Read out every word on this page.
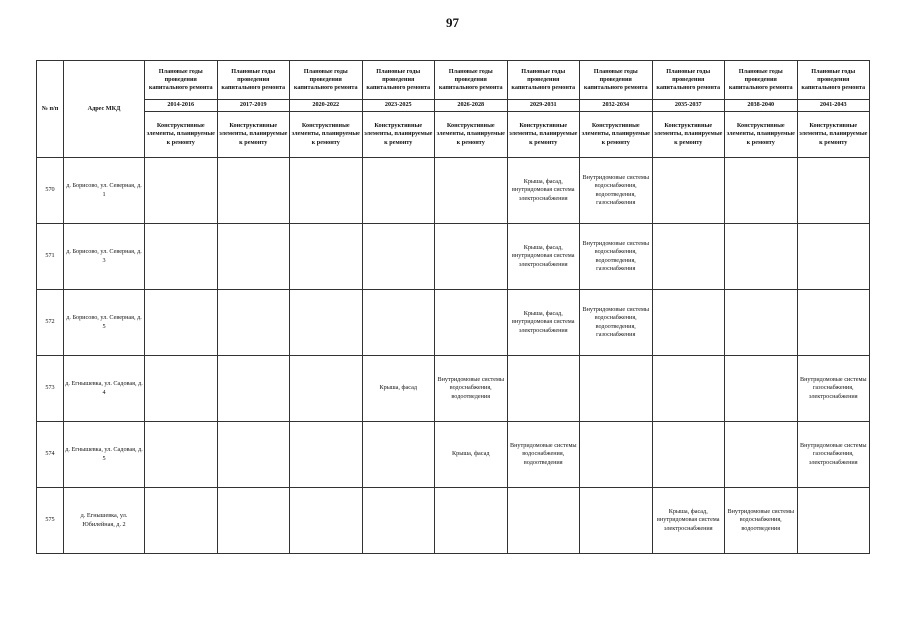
97
№ п/п	Адрес МКД	Плановые годы проведения капитального ремонта	Плановые годы проведения капитального ремонта	Плановые годы проведения капитального ремонта	Плановые годы проведения капитального ремонта	Плановые годы проведения капитального ремонта	Плановые годы проведения капитального ремонта	Плановые годы проведения капитального ремонта	Плановые годы проведения капитального ремонта	Плановые годы проведения капитального ремонта	Плановые годы проведения капитального ремонта
		2014-2016	2017-2019	2020-2022	2023-2025	2026-2028	2029-2031	2032-2034	2035-2037	2038-2040	2041-2043
		Конструктивные элементы, планируемые к ремонту	Конструктивные элементы, планируемые к ремонту	Конструктивные элементы, планируемые к ремонту	Конструктивные элементы, планируемые к ремонту	Конструктивные элементы, планируемые к ремонту	Конструктивные элементы, планируемые к ремонту	Конструктивные элементы, планируемые к ремонту	Конструктивные элементы, планируемые к ремонту	Конструктивные элементы, планируемые к ремонту	Конструктивные элементы, планируемые к ремонту
570	д. Борисово, ул. Северная, д. 1						Крыша, фасад, внутридомовая система электроснабжения	Внутридомовые системы водоснабжения, водоотведения, газоснабжения			
571	д. Борисово, ул. Северная, д. 3						Крыша, фасад, внутридомовая система электроснабжения	Внутридомовые системы водоснабжения, водоотведения, газоснабжения			
572	д. Борисово, ул. Северная, д. 5						Крыша, фасад, внутридомовая система электроснабжения	Внутридомовые системы водоснабжения, водоотведения, газоснабжения			
573	д. Егнышевка, ул. Садовая, д. 4				Крыша, фасад	Внутридомовые системы водоснабжения, водоотведения					Внутридомовые системы газоснабжения, электроснабжения
574	д. Егнышевка, ул. Садовая, д. 5					Крыша, фасад	Внутридомовые системы водоснабжения, водоотведения				Внутридомовые системы газоснабжения, электроснабжения
575	д. Егнышевка, ул. Юбилейная, д. 2								Крыша, фасад, внутридомовая система электроснабжения	Внутридомовые системы водоснабжения, водоотведения	
